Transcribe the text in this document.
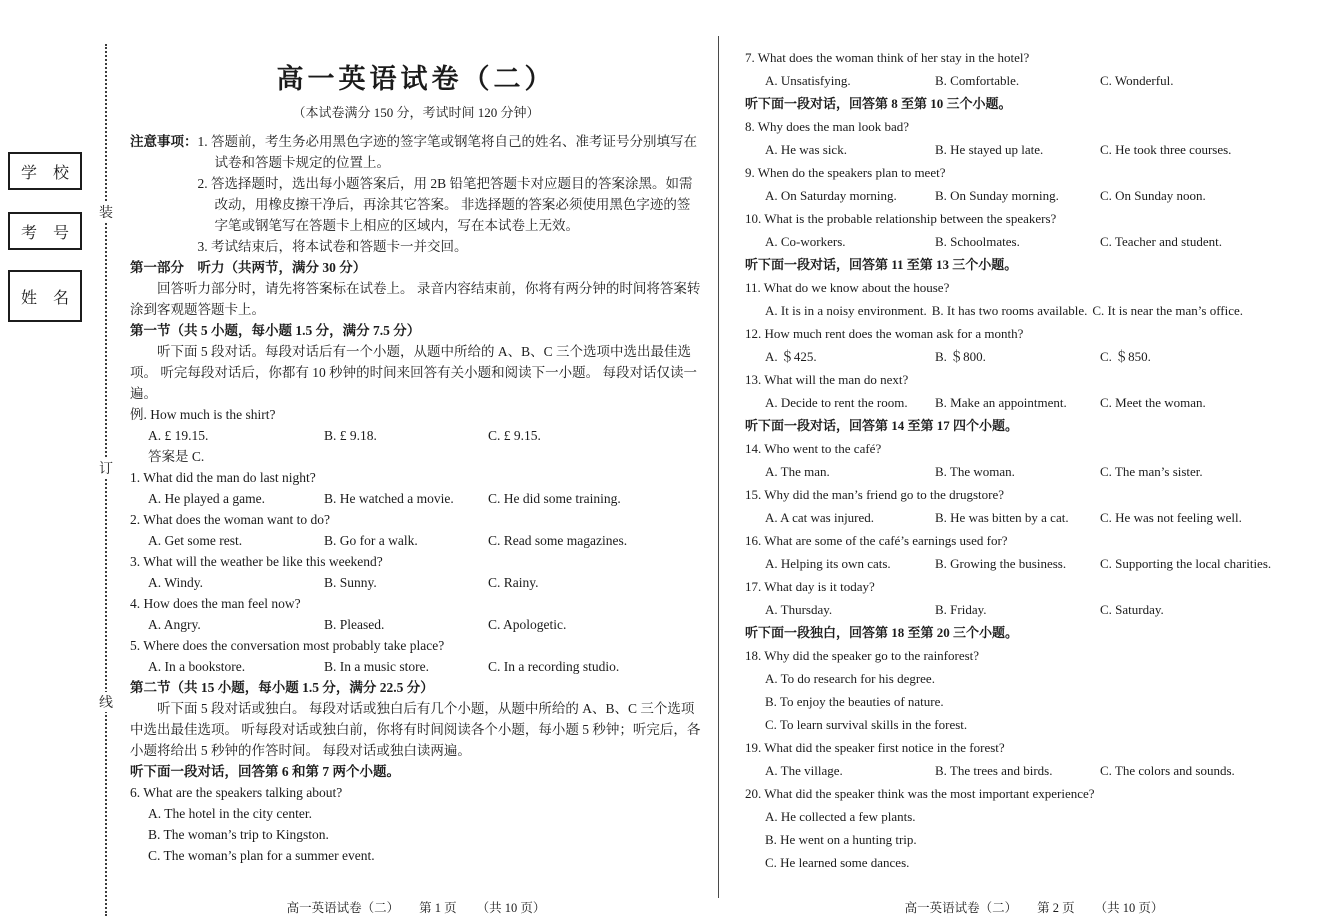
学　校
考　号
姓　名
装
订
线
高一英语试卷（二）
（本试卷满分 150 分，考试时间 120 分钟）
注意事项： 1. 答题前，考生务必用黑色字迹的签字笔或钢笔将自己的姓名、准考证号分别填写在试卷和答题卡规定的位置上。

2. 答选择题时，选出每小题答案后，用 2B 铅笔把答题卡对应题目的答案涂黑。如需改动，用橡皮擦干净后，再涂其它答案。 非选择题的答案必须使用黑色字迹的签字笔或钢笔写在答题卡上相应的区域内，写在本试卷上无效。

3. 考试结束后，将本试卷和答题卡一并交回。

第一部分　听力（共两节，满分 30 分）

回答听力部分时，请先将答案标在试卷上。 录音内容结束前，你将有两分钟的时间将答案转涂到客观题答题卡上。

第一节（共 5 小题，每小题 1.5 分，满分 7.5 分）

听下面 5 段对话。每段对话后有一个小题，从题中所给的 A、B、C 三个选项中选出最佳选项。 听完每段对话后，你都有 10 秒钟的时间来回答有关小题和阅读下一小题。 每段对话仅读一遍。

例. How much is the shirt?
A. £ 19.15.	B. £ 9.18.	C. £ 9.15.

答案是 C.

1. What did the man do last night?
A. He played a game.	B. He watched a movie.	C. He did some training.
2. What does the woman want to do?
A. Get some rest.	B. Go for a walk.	C. Read some magazines.
3. What will the weather be like this weekend?
A. Windy.	B. Sunny.	C. Rainy.
4. How does the man feel now?
A. Angry.	B. Pleased.	C. Apologetic.
5. Where does the conversation most probably take place?
A. In a bookstore.	B. In a music store.	C. In a recording studio.

第二节（共 15 小题，每小题 1.5 分，满分 22.5 分）

听下面 5 段对话或独白。 每段对话或独白后有几个小题，从题中所给的 A、B、C 三个选项中选出最佳选项。 听每段对话或独白前，你将有时间阅读各个小题，每小题 5 秒钟；听完后，各小题将给出 5 秒钟的作答时间。 每段对话或独白读两遍。

听下面一段对话，回答第 6 和第 7 两个小题。

6. What are the speakers talking about?
A. The hotel in the city center.
B. The woman’s trip to Kingston.
C. The woman’s plan for a summer event.
7. What does the woman think of her stay in the hotel?
A. Unsatisfying.	B. Comfortable.	C. Wonderful.

听下面一段对话，回答第 8 至第 10 三个小题。

8. Why does the man look bad?
A. He was sick.	B. He stayed up late.	C. He took three courses.
9. When do the speakers plan to meet?
A. On Saturday morning.	B. On Sunday morning.	C. On Sunday noon.
10. What is the probable relationship between the speakers?
A. Co-workers.	B. Schoolmates.	C. Teacher and student.

听下面一段对话，回答第 11 至第 13 三个小题。

11. What do we know about the house?
A. It is in a noisy environment. B. It has two rooms available. C. It is near the man’s office.
12. How much rent does the woman ask for a month?
A. ＄425.	B. ＄800.	C. ＄850.
13. What will the man do next?
A. Decide to rent the room.	B. Make an appointment.	C. Meet the woman.

听下面一段对话，回答第 14 至第 17 四个小题。

14. Who went to the café?
A. The man.	B. The woman.	C. The man’s sister.
15. Why did the man’s friend go to the drugstore?
A. A cat was injured.	B. He was bitten by a cat.	C. He was not feeling well.
16. What are some of the café’s earnings used for?
A. Helping its own cats.	B. Growing the business.	C. Supporting the local charities.
17. What day is it today?
A. Thursday.	B. Friday.	C. Saturday.

听下面一段独白，回答第 18 至第 20 三个小题。

18. Why did the speaker go to the rainforest?
A. To do research for his degree.
B. To enjoy the beauties of nature.
C. To learn survival skills in the forest.
19. What did the speaker first notice in the forest?
A. The village.	B. The trees and birds.	C. The colors and sounds.
20. What did the speaker think was the most important experience?
A. He collected a few plants.
B. He went on a hunting trip.
C. He learned some dances.
高一英语试卷（二） 第 1 页 （共 10 页）	高一英语试卷（二） 第 2 页 （共 10 页）
